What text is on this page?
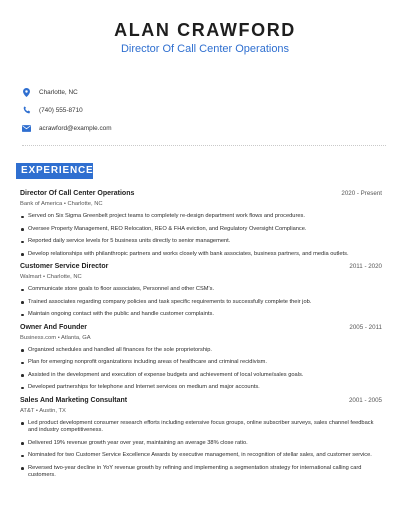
ALAN CRAWFORD
Director Of Call Center Operations
Charlotte, NC
(740) 555-8710
acrawford@example.com
EXPERIENCE
Director Of Call Center Operations	2020 - Present
Bank of America • Charlotte, NC
Served on Six Sigma Greenbelt project teams to completely re-design department work flows and procedures.
Oversee Property Management, REO Relocation, REO & FHA eviction, and Regulatory Oversight Compliance.
Reported daily service levels for 5 business units directly to senior management.
Develop relationships with philanthropic partners and works closely with bank associates, business partners, and media outlets.
Customer Service Director	2011 - 2020
Walmart • Charlotte, NC
Communicate store goals to floor associates, Personnel and other CSM's.
Trained associates regarding company policies and task specific requirements to successfully complete their job.
Maintain ongoing contact with the public and handle customer complaints.
Owner And Founder	2005 - 2011
Business.com • Atlanta, GA
Organized schedules and handled all finances for the sole proprietorship.
Plan for emerging nonprofit organizations including areas of healthcare and criminal recidivism.
Assisted in the development and execution of expense budgets and achievement of local volume/sales goals.
Developed partnerships for telephone and Internet services on medium and major accounts.
Sales And Marketing Consultant	2001 - 2005
AT&T • Austin, TX
Led product development consumer research efforts including extensive focus groups, online subscriber surveys, sales channel feedback and industry competitiveness.
Delivered 19% revenue growth year over year, maintaining an average 38% close ratio.
Nominated for two Customer Service Excellence Awards by executive management, in recognition of stellar sales, and customer service.
Reversed two-year decline in YoY revenue growth by refining and implementing a segmentation strategy for international calling card customers.
